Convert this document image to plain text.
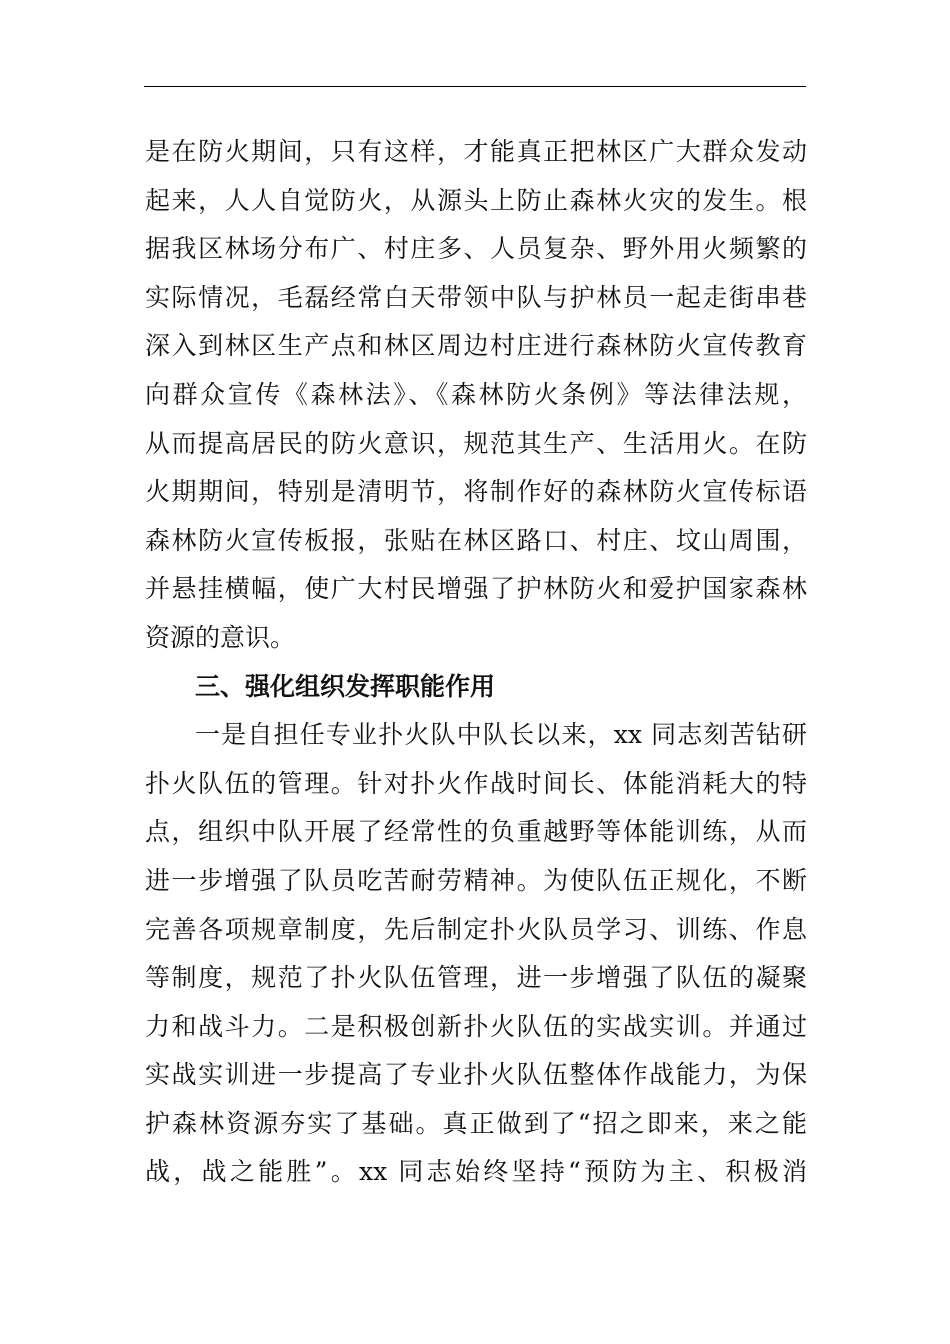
是在防火期间，只有这样，才能真正把林区广大群众发动
起来，人人自觉防火，从源头上防止森林火灾的发生。根
据我区林场分布广、村庄多、人员复杂、野外用火频繁的
实际情况，毛磊经常白天带领中队与护林员一起走街串巷
深入到林区生产点和林区周边村庄进行森林防火宣传教育
向群众宣传《森林法》、《森林防火条例》等法律法规，
从而提高居民的防火意识，规范其生产、生活用火。在防
火期期间，特别是清明节，将制作好的森林防火宣传标语
森林防火宣传板报，张贴在林区路口、村庄、坟山周围，
并悬挂横幅，使广大村民增强了护林防火和爱护国家森林
资源的意识。
三、强化组织发挥职能作用
一是自担任专业扑火队中队长以来，xx 同志刻苦钻研
扑火队伍的管理。针对扑火作战时间长、体能消耗大的特
点，组织中队开展了经常性的负重越野等体能训练，从而
进一步增强了队员吃苦耐劳精神。为使队伍正规化，不断
完善各项规章制度，先后制定扑火队员学习、训练、作息
等制度，规范了扑火队伍管理，进一步增强了队伍的凝聚
力和战斗力。二是积极创新扑火队伍的实战实训。并通过
实战实训进一步提高了专业扑火队伍整体作战能力，为保
护森林资源夯实了基础。真正做到了“招之即来，来之能
战，战之能胜”。xx 同志始终坚持“预防为主、积极消
